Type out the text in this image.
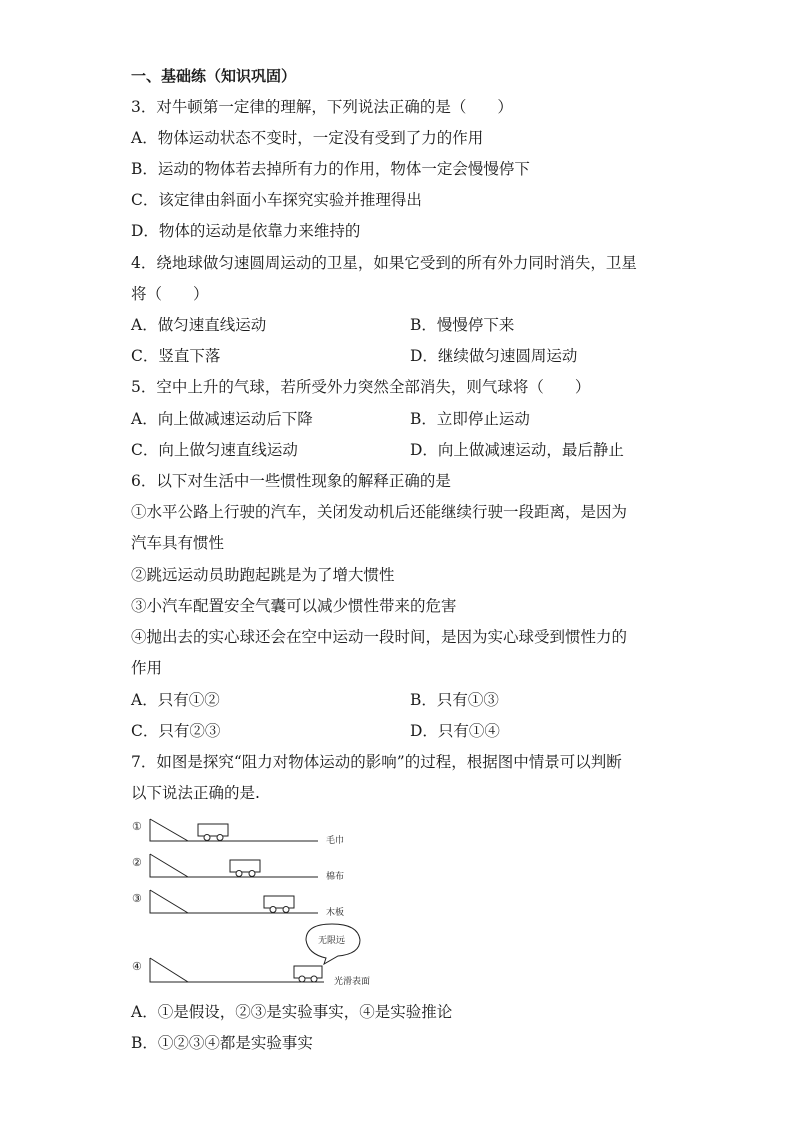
一、基础练（知识巩固）
3．对牛顿第一定律的理解，下列说法正确的是（　　）
A．物体运动状态不变时，一定没有受到了力的作用
B．运动的物体若去掉所有力的作用，物体一定会慢慢停下
C．该定律由斜面小车探究实验并推理得出
D．物体的运动是依靠力来维持的
4．绕地球做匀速圆周运动的卫星，如果它受到的所有外力同时消失，卫星
将（　　）
A．做匀速直线运动	B．慢慢停下来
C．竖直下落	D．继续做匀速圆周运动
5．空中上升的气球，若所受外力突然全部消失，则气球将（　　）
A．向上做减速运动后下降	B．立即停止运动
C．向上做匀速直线运动	D．向上做减速运动，最后静止
6．以下对生活中一些惯性现象的解释正确的是
①水平公路上行驶的汽车，关闭发动机后还能继续行驶一段距离，是因为
汽车具有惯性
②跳远运动员助跑起跳是为了增大惯性
③小汽车配置安全气囊可以减少惯性带来的危害
④抛出去的实心球还会在空中运动一段时间，是因为实心球受到惯性力的
作用
A．只有①②	B．只有①③
C．只有②③	D．只有①④
7．如图是探究“阻力对物体运动的影响”的过程，根据图中情景可以判断
以下说法正确的是.
①
②
③
④
毛巾
棉布
木板
光滑表面
无限远
A．①是假设，②③是实验事实，④是实验推论
B．①②③④都是实验事实
